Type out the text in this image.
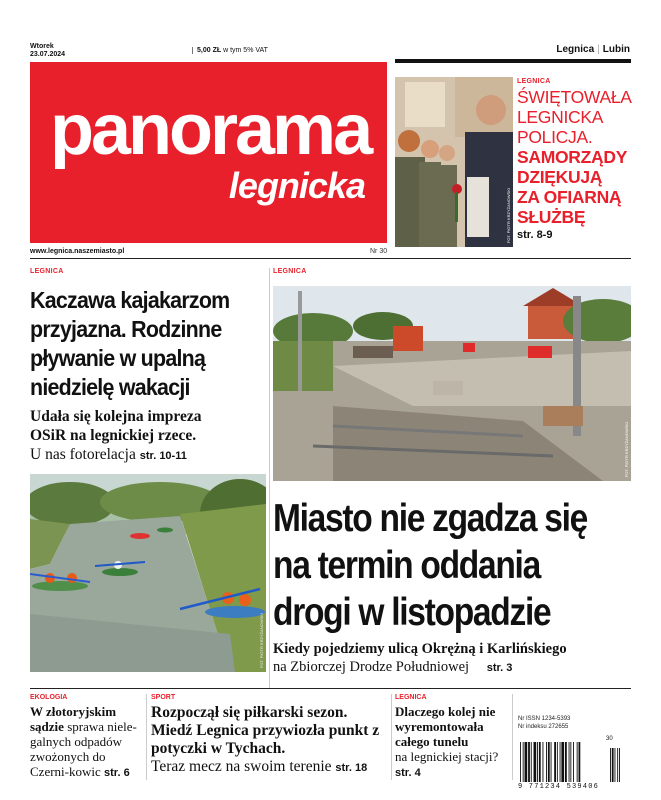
Wtorek
23.07.2024
5,00 ZŁ w tym 5% VAT	Legnica | Lubin
panorama
legnicka
www.legnica.naszemiasto.pl	Nr 30
FOT. PIOTR KRZYŻANOWSKI
LEGNICA
ŚWIĘTOWAŁA
LEGNICKA
POLICJA.
SAMORZĄDY
DZIĘKUJĄ
ZA OFIARNĄ
SŁUŻBĘ
str. 8-9
LEGNICA
Kaczawa kajakarzom
przyjazna. Rodzinne
pływanie w upalną
niedzielę wakacji
Udała się kolejna impreza
OSiR na legnickiej rzece.
U nas fotorelacja str. 10-11
FOT. PIOTR KRZYŻANOWSKI
LEGNICA
FOT. PIOTR KRZYŻANOWSKI
Miasto nie zgadza się
na termin oddania
drogi w listopadzie
Kiedy pojedziemy ulicą Okrężną i Karlińskiego
na Zbiorczej Drodze Południowej str. 3
EKOLOGIA
W złotoryjskim
sądzie sprawa niele-galnych odpadów zwożonych do Czerni-kowic str. 6
SPORT
Rozpoczął się piłkarski sezon. Miedź Legnica przywiozła punkt z potyczki w Tychach.
Teraz mecz na swoim terenie str. 18
LEGNICA
Dlaczego kolej nie wyremontowała całego tunelu
na legnickiej stacji? str. 4
Nr ISSN 1234-5393
Nr indeksu 272655
30
9 771234 539406
